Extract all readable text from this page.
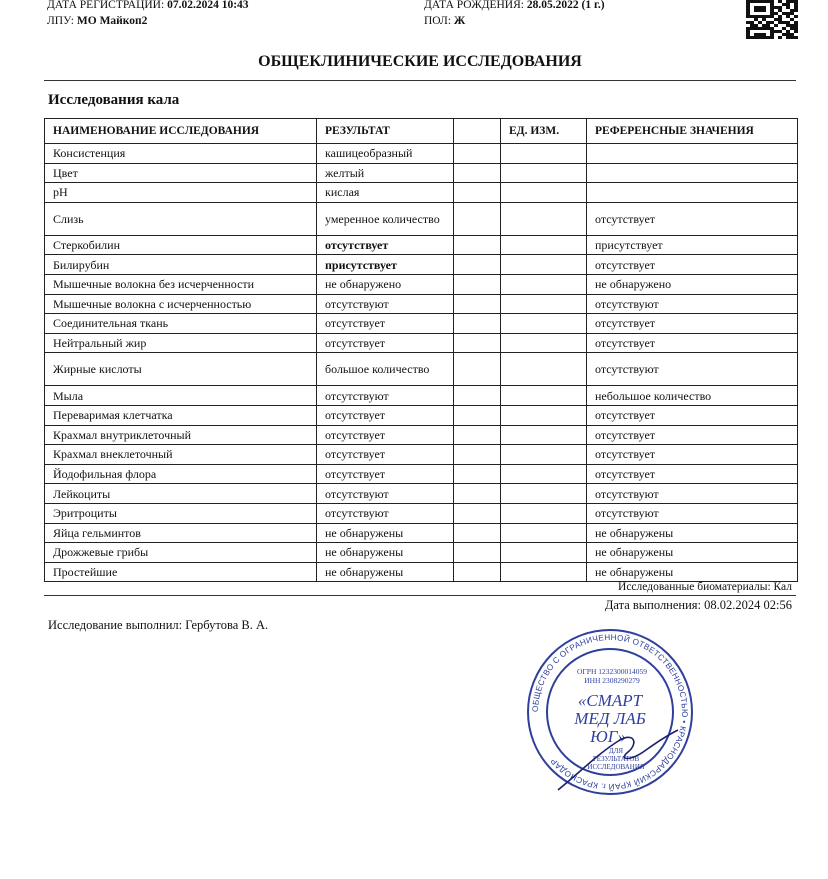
ДАТА РЕГИСТРАЦИИ: 07.02.2024 10:43
ЛПУ: МО Майкоп2
ДАТА РОЖДЕНИЯ: 28.05.2022 (1 г.)
ПОЛ: Ж
ОБЩЕКЛИНИЧЕСКИЕ ИССЛЕДОВАНИЯ
Исследования кала
НАИМЕНОВАНИЕ ИССЛЕДОВАНИЯ	РЕЗУЛЬТАТ		ЕД. ИЗМ.	РЕФЕРЕНСНЫЕ ЗНАЧЕНИЯ
Консистенция	кашицеобразный			
Цвет	желтый			
pH	кислая			
Слизь	умеренное количество			отсутствует
Стеркобилин	отсутствует			присутствует
Билирубин	присутствует			отсутствует
Мышечные волокна без исчерченности	не обнаружено			не обнаружено
Мышечные волокна с исчерченностью	отсутствуют			отсутствуют
Соединительная ткань	отсутствует			отсутствует
Нейтральный жир	отсутствует			отсутствует
Жирные кислоты	большое количество			отсутствуют
Мыла	отсутствуют			небольшое количество
Переваримая клетчатка	отсутствует			отсутствует
Крахмал внутриклеточный	отсутствует			отсутствует
Крахмал внеклеточный	отсутствует			отсутствует
Йодофильная флора	отсутствует			отсутствует
Лейкоциты	отсутствуют			отсутствуют
Эритроциты	отсутствуют			отсутствуют
Яйца гельминтов	не обнаружены			не обнаружены
Дрожжевые грибы	не обнаружены			не обнаружены
Простейшие	не обнаружены			не обнаружены
Исследованные биоматериалы: Кал
Дата выполнения: 08.02.2024 02:56
Исследование выполнил: Гербутова В. А.
ОБЩЕСТВО С ОГРАНИЧЕННОЙ ОТВЕТСТВЕННОСТЬЮ • КРАСНОДАРСКИЙ КРАЙ г. КРАСНОДАР
ОГРН 1232300014059
ИНН 2308290279
«СМАРТ
МЕД ЛАБ
ЮГ»
ДЛЯ
РЕЗУЛЬТАТОВ
ИССЛЕДОВАНИЯ
